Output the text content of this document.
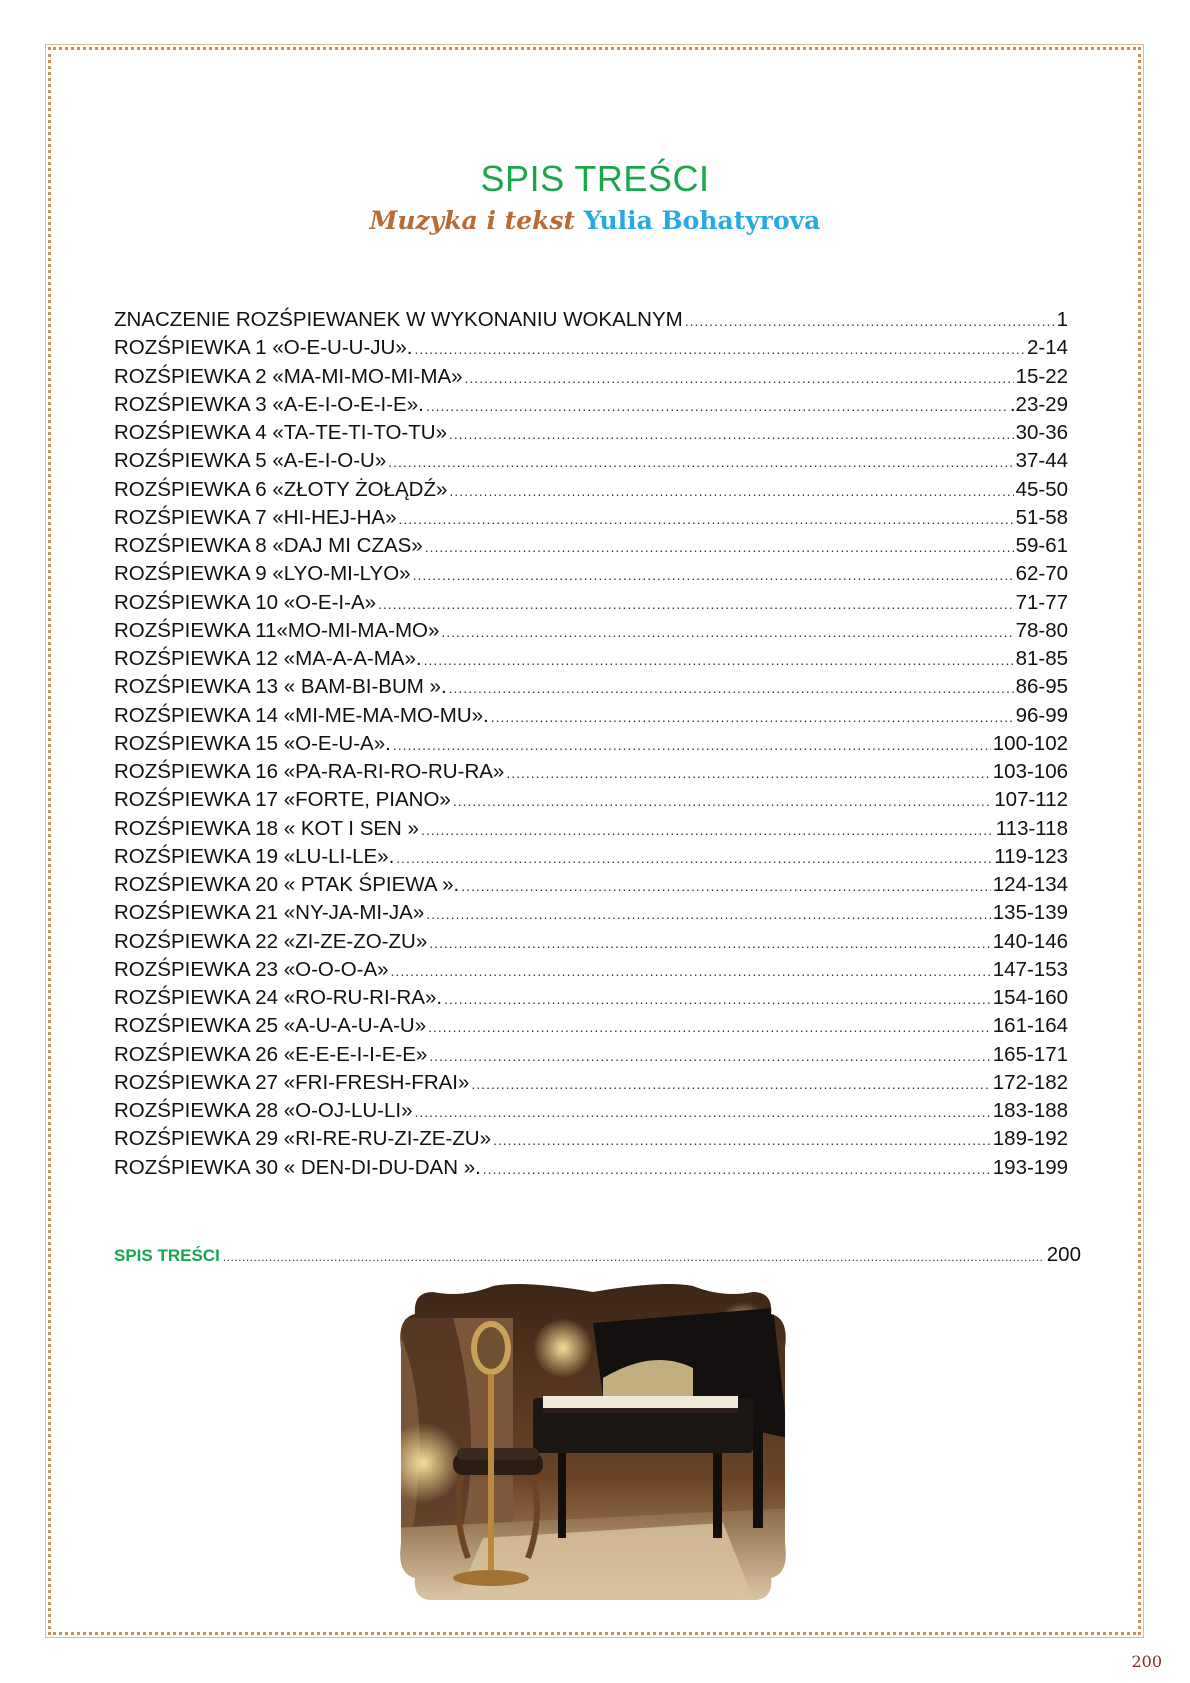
SPIS TREŚCI
Muzyka i tekst Yulia Bohatyrova
ZNACZENIE ROZŚPIEWANEK W WYKONANIU WOKALNYM .....	1
ROZŚPIEWKA 1 «O-E-U-U-JU». .....	2-14
ROZŚPIEWKA 2 «MA-MI-MO-MI-MA» .....	15-22
ROZŚPIEWKA 3 «A-E-I-O-E-I-E». .....	.23-29
ROZŚPIEWKA 4 «TA-TE-TI-TO-TU» .....	30-36
ROZŚPIEWKA 5 «A-E-I-O-U» .....	37-44
ROZŚPIEWKA 6 «ZŁOTY ŻOŁĄDŹ» .....	45-50
ROZŚPIEWKA 7 «HI-HEJ-HA» .....	51-58
ROZŚPIEWKA 8 «DAJ MI CZAS» .....	59-61
ROZŚPIEWKA 9 «LYO-MI-LYO» .....	62-70
ROZŚPIEWKA 10 «O-E-I-A» .....	71-77
ROZŚPIEWKA 11«MO-MI-MA-MO» .....	78-80
ROZŚPIEWKA 12 «MA-A-A-MA». .....	81-85
ROZŚPIEWKA 13 « BAM-BI-BUM ». .....	86-95
ROZŚPIEWKA 14 «MI-ME-MA-MO-MU». .....	96-99
ROZŚPIEWKA 15 «O-E-U-A». .....	100-102
ROZŚPIEWKA 16 «PA-RA-RI-RO-RU-RA» .....	103-106
ROZŚPIEWKA 17 «FORTE, PIANO» .....	107-112
ROZŚPIEWKA 18 « KOT I SEN » .....	113-118
ROZŚPIEWKA 19 «LU-LI-LE». .....	119-123
ROZŚPIEWKA 20 « PTAK ŚPIEWA ». .....	124-134
ROZŚPIEWKA 21 «NY-JA-MI-JA» .....	135-139
ROZŚPIEWKA 22 «ZI-ZE-ZO-ZU» .....	140-146
ROZŚPIEWKA 23 «O-O-O-A» .....	147-153
ROZŚPIEWKA 24 «RO-RU-RI-RA». .....	154-160
ROZŚPIEWKA 25 «A-U-A-U-A-U» .....	161-164
ROZŚPIEWKA 26 «E-E-E-I-I-E-E» .....	165-171
ROZŚPIEWKA 27 «FRI-FRESH-FRAI» .....	172-182
ROZŚPIEWKA 28 «O-OJ-LU-LI» .....	183-188
ROZŚPIEWKA 29 «RI-RE-RU-ZI-ZE-ZU» .....	189-192
ROZŚPIEWKA 30 « DEN-DI-DU-DAN ». .....	193-199
SPIS TREŚCI .....	200
200
